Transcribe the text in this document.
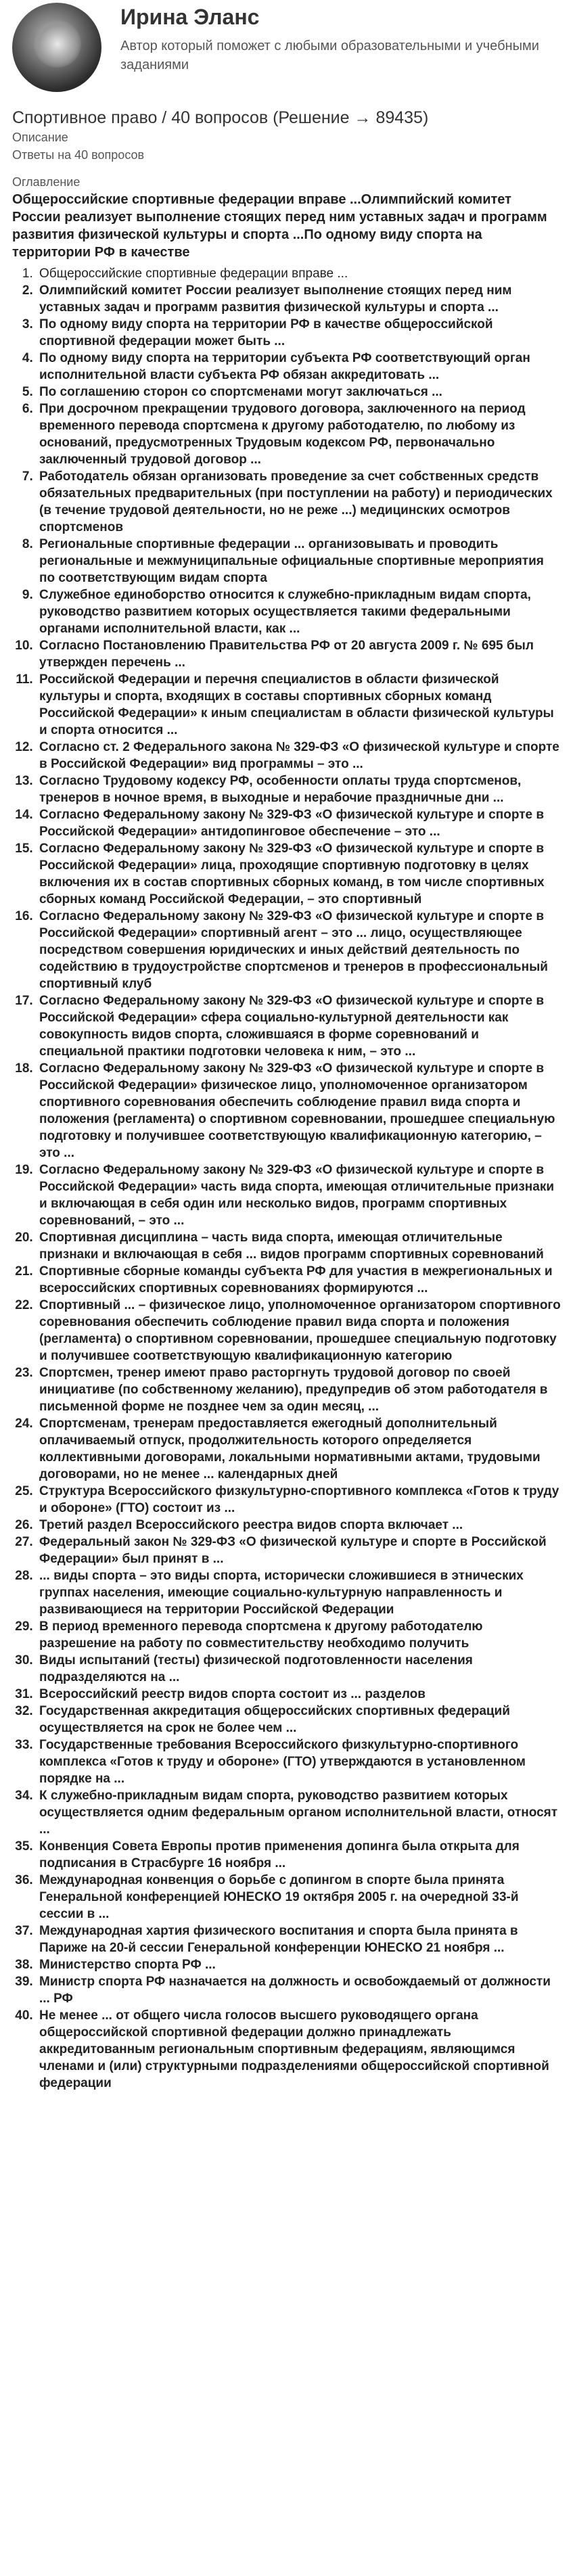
Ирина Эланс
Автор который поможет с любыми образовательными и учебными заданиями
Спортивное право / 40 вопросов (Решение → 89435)
Описание
Ответы на 40 вопросов
Оглавление
Общероссийские спортивные федерации вправе ...Олимпийский комитет России реализует выполнение стоящих перед ним уставных задач и программ развития физической культуры и спорта ...По одному виду спорта на территории РФ в качестве
1. Общероссийские спортивные федерации вправе ...
2. Олимпийский комитет России реализует выполнение стоящих перед ним уставных задач и программ развития физической культуры и спорта ...
3. По одному виду спорта на территории РФ в качестве общероссийской спортивной федерации может быть ...
4. По одному виду спорта на территории субъекта РФ соответствующий орган исполнительной власти субъекта РФ обязан аккредитовать ...
5. По соглашению сторон со спортсменами могут заключаться ...
6. При досрочном прекращении трудового договора, заключенного на период временного перевода спортсмена к другому работодателю, по любому из оснований, предусмотренных Трудовым кодексом РФ, первоначально заключенный трудовой договор ...
7. Работодатель обязан организовать проведение за счет собственных средств обязательных предварительных (при поступлении на работу) и периодических (в течение трудовой деятельности, но не реже ...) медицинских осмотров спортсменов
8. Региональные спортивные федерации ... организовывать и проводить региональные и межмуниципальные официальные спортивные мероприятия по соответствующим видам спорта
9. Служебное единоборство относится к служебно-прикладным видам спорта, руководство развитием которых осуществляется такими федеральными органами исполнительной власти, как ...
10. Согласно Постановлению Правительства РФ от 20 августа 2009 г. № 695 был утвержден перечень ...
11. Российской Федерации и перечня специалистов в области физической культуры и спорта, входящих в составы спортивных сборных команд Российской Федерации» к иным специалистам в области физической культуры и спорта относится ...
12. Согласно ст. 2 Федерального закона № 329-ФЗ «О физической культуре и спорте в Российской Федерации» вид программы – это ...
13. Согласно Трудовому кодексу РФ, особенности оплаты труда спортсменов, тренеров в ночное время, в выходные и нерабочие праздничные дни ...
14. Согласно Федеральному закону № 329-ФЗ «О физической культуре и спорте в Российской Федерации» антидопинговое обеспечение – это ...
15. Согласно Федеральному закону № 329-ФЗ «О физической культуре и спорте в Российской Федерации» лица, проходящие спортивную подготовку в целях включения их в состав спортивных сборных команд, в том числе спортивных сборных команд Российской Федерации, – это спортивный
16. Согласно Федеральному закону № 329-ФЗ «О физической культуре и спорте в Российской Федерации» спортивный агент – это ... лицо, осуществляющее посредством совершения юридических и иных действий деятельность по содействию в трудоустройстве спортсменов и тренеров в профессиональный спортивный клуб
17. Согласно Федеральному закону № 329-ФЗ «О физической культуре и спорте в Российской Федерации» сфера социально-культурной деятельности как совокупность видов спорта, сложившаяся в форме соревнований и специальной практики подготовки человека к ним, – это ...
18. Согласно Федеральному закону № 329-ФЗ «О физической культуре и спорте в Российской Федерации» физическое лицо, уполномоченное организатором спортивного соревнования обеспечить соблюдение правил вида спорта и положения (регламента) о спортивном соревновании, прошедшее специальную подготовку и получившее соответствующую квалификационную категорию, – это ...
19. Согласно Федеральному закону № 329-ФЗ «О физической культуре и спорте в Российской Федерации» часть вида спорта, имеющая отличительные признаки и включающая в себя один или несколько видов, программ спортивных соревнований, – это ...
20. Спортивная дисциплина – часть вида спорта, имеющая отличительные признаки и включающая в себя ... видов программ спортивных соревнований
21. Спортивные сборные команды субъекта РФ для участия в межрегиональных и всероссийских спортивных соревнованиях формируются ...
22. Спортивный ... – физическое лицо, уполномоченное организатором спортивного соревнования обеспечить соблюдение правил вида спорта и положения (регламента) о спортивном соревновании, прошедшее специальную подготовку и получившее соответствующую квалификационную категорию
23. Спортсмен, тренер имеют право расторгнуть трудовой договор по своей инициативе (по собственному желанию), предупредив об этом работодателя в письменной форме не позднее чем за один месяц, ...
24. Спортсменам, тренерам предоставляется ежегодный дополнительный оплачиваемый отпуск, продолжительность которого определяется коллективными договорами, локальными нормативными актами, трудовыми договорами, но не менее ... календарных дней
25. Структура Всероссийского физкультурно-спортивного комплекса «Готов к труду и обороне» (ГТО) состоит из ...
26. Третий раздел Всероссийского реестра видов спорта включает ...
27. Федеральный закон № 329-ФЗ «О физической культуре и спорте в Российской Федерации» был принят в ...
28. ... виды спорта – это виды спорта, исторически сложившиеся в этнических группах населения, имеющие социально-культурную направленность и развивающиеся на территории Российской Федерации
29. В период временного перевода спортсмена к другому работодателю разрешение на работу по совместительству необходимо получить
30. Виды испытаний (тесты) физической подготовленности населения подразделяются на ...
31. Всероссийский реестр видов спорта состоит из ... разделов
32. Государственная аккредитация общероссийских спортивных федераций осуществляется на срок не более чем ...
33. Государственные требования Всероссийского физкультурно-спортивного комплекса «Готов к труду и обороне» (ГТО) утверждаются в установленном порядке на ...
34. К служебно-прикладным видам спорта, руководство развитием которых осуществляется одним федеральным органом исполнительной власти, относят ...
35. Конвенция Совета Европы против применения допинга была открыта для подписания в Страсбурге 16 ноября ...
36. Международная конвенция о борьбе с допингом в спорте была принята Генеральной конференцией ЮНЕСКО 19 октября 2005 г. на очередной 33-й сессии в ...
37. Международная хартия физического воспитания и спорта была принята в Париже на 20-й сессии Генеральной конференции ЮНЕСКО 21 ноября ...
38. Министерство спорта РФ ...
39. Министр спорта РФ назначается на должность и освобождаемый от должности ... РФ
40. Не менее ... от общего числа голосов высшего руководящего органа общероссийской спортивной федерации должно принадлежать аккредитованным региональным спортивным федерациям, являющимся членами и (или) структурными подразделениями общероссийской спортивной федерации
